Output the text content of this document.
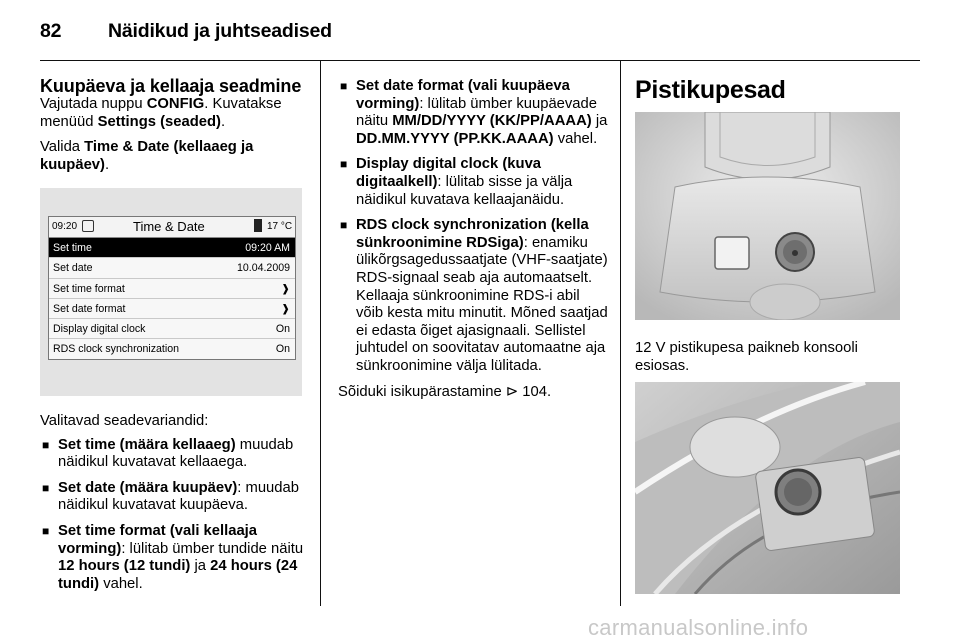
82 Näidikud ja juhtseadised
Kuupäeva ja kellaaja seadmine

Vajutada nuppu CONFIG. Kuvatakse menüüd Settings (seaded).

Valida Time & Date (kellaaeg ja kuupäev).

09:20	Time & Date	17 °C
Set time	09:20 AM
Set date	10.04.2009
Set time format	❱
Set date format	❱
Display digital clock	On
RDS clock synchronization	On

Valitavad seadevariandid:

■ Set time (määra kellaaeg) muudab näidikul kuvatavat kellaaega.
■ Set date (määra kuupäev): muudab näidikul kuvatavat kuupäeva.
■ Set time format (vali kellaaja vorming): lülitab ümber tundide näitu 12 hours (12 tundi) ja 24 hours (24 tundi) vahel.
■ Set date format (vali kuupäeva vorming): lülitab ümber kuupäevade näitu MM/DD/YYYY (KK/PP/AAAA) ja DD.MM.YYYY (PP.KK.AAAA) vahel.
■ Display digital clock (kuva digitaalkell): lülitab sisse ja välja näidikul kuvatava kellaajanäidu.
■ RDS clock synchronization (kella sünkroonimine RDSiga): enamiku ülikõrgsagedussaatjate (VHF-saatjate) RDS-signaal seab aja automaatselt. Kellaaja sünkroonimine RDS-i abil võib kesta mitu minutit. Mõned saatjad ei edasta õiget ajasignaali. Sellistel juhtudel on soovitatav automaatne aja sünkroonimine välja lülitada.

Sõiduki isikupärastamine ⊳ 104.

Pistikupesad

12 V pistikupesa paikneb konsooli esiosas.

carmanualsonline.info
